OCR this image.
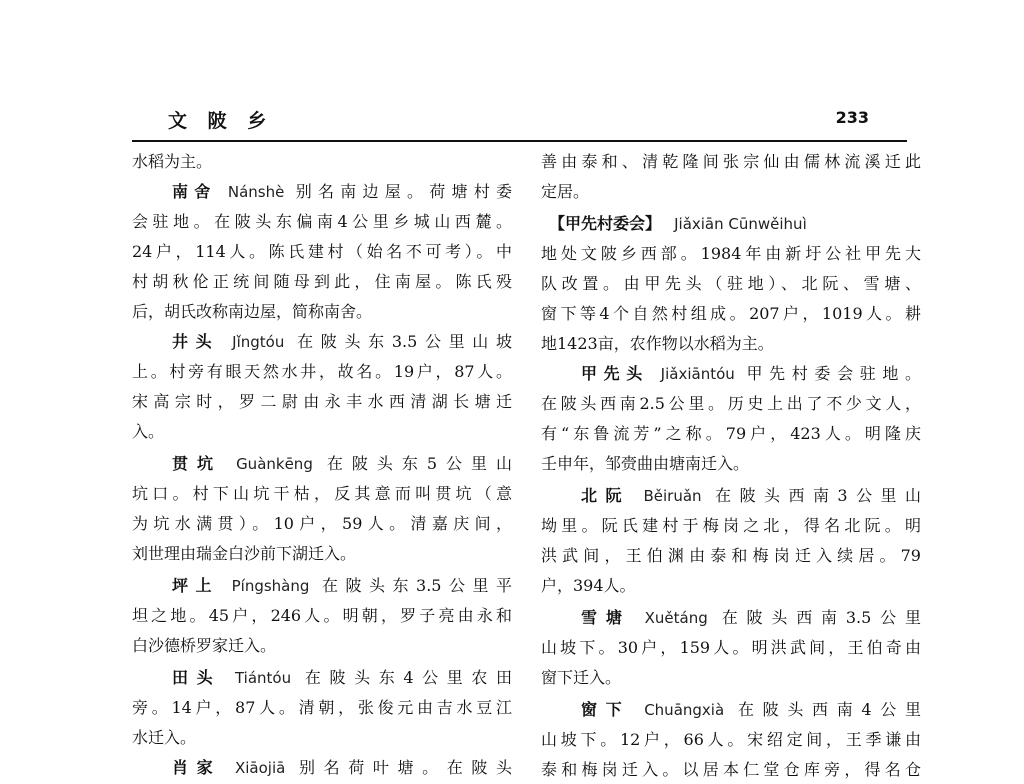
文 陂 乡	233
水稻为主。
南舍 Nánshè 别名南边屋。荷塘村委
会驻地。在陂头东偏南4公里乡城山西麓。
24户，114人。陈氏建村（始名不可考）。中
村胡秋伦正统间随母到此，住南屋。陈氏殁
后，胡氏改称南边屋，简称南舍。
井头 Jǐngtóu 在陂头东3.5公里山坡
上。村旁有眼天然水井，故名。19户，87人。
宋高宗时，罗二尉由永丰水西清湖长塘迁
入。
贯坑 Guànkēng 在陂头东5公里山
坑口。村下山坑干枯，反其意而叫贯坑（意
为坑水满贯）。10户，59人。清嘉庆间，
刘世理由瑞金白沙前下湖迁入。
坪上 Píngshàng 在陂头东3.5公里平
坦之地。45户，246人。明朝，罗子亮由永和
白沙德桥罗家迁入。
田头 Tiántóu 在陂头东4公里农田
旁。14户，87人。清朝，张俊元由吉水豆江
水迁入。
肖家 Xiāojiā 别名荷叶塘。在陂头
善由泰和、清乾隆间张宗仙由儒林流溪迁此
定居。
【甲先村委会】 Jiǎxiān Cūnwěihuì
地处文陂乡西部。1984年由新圩公社甲先大
队改置。由甲先头（驻地）、北阮、雪塘、
窗下等4个自然村组成。207户，1019人。耕
地1423亩，农作物以水稻为主。
甲先头 Jiǎxiāntóu 甲先村委会驻地。
在陂头西南2.5公里。历史上出了不少文人，
有“东鲁流芳”之称。79户，423人。明隆庆
壬申年，邹赍曲由塘南迁入。
北阮 Běiruǎn 在陂头西南3公里山
坳里。阮氏建村于梅岗之北，得名北阮。明
洪武间，王伯渊由泰和梅岗迁入续居。79
户，394人。
雪塘 Xuětáng 在陂头西南3.5公里
山坡下。30户，159人。明洪武间，王伯奇由
窗下迁入。
窗下 Chuāngxià 在陂头西南4公里
山坡下。12户，66人。宋绍定间，王季谦由
泰和梅岗迁入。以居本仁堂仓库旁，得名仓
